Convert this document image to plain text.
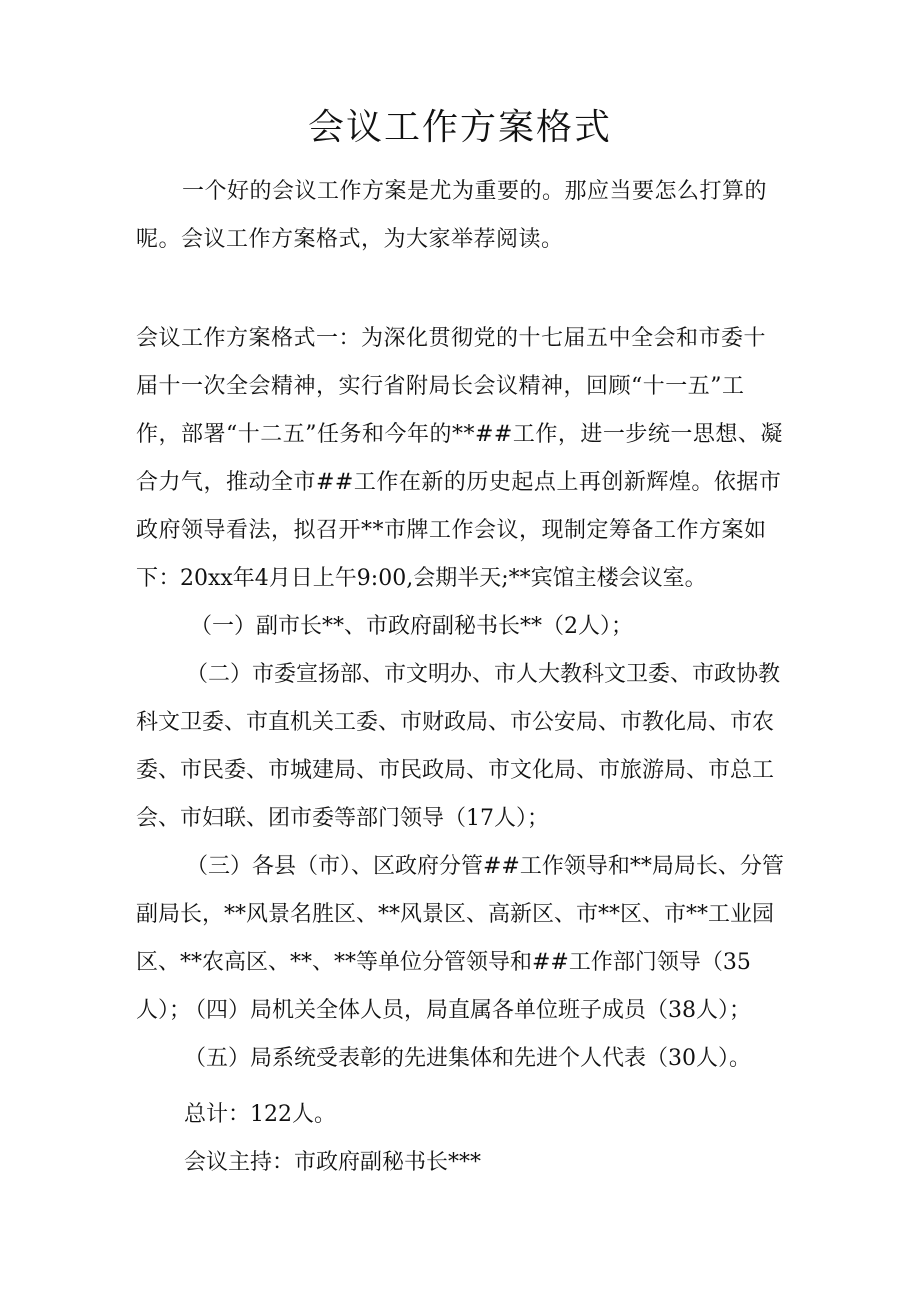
会议工作方案格式

一个好的会议工作方案是尤为重要的。那应当要怎么打算的呢。会议工作方案格式，为大家举荐阅读。

会议工作方案格式一：为深化贯彻党的十七届五中全会和市委十届十一次全会精神，实行省附局长会议精神，回顾“十一五”工作，部署“十二五”任务和今年的**##工作，进一步统一思想、凝合力气，推动全市##工作在新的历史起点上再创新辉煌。依据市政府领导看法，拟召开**市牌工作会议，现制定筹备工作方案如下：

20xx年4月日上午9:00,会期半天;**宾馆主楼会议室。

（一）副市长**、市政府副秘书长**（2人）；

（二）市委宣扬部、市文明办、市人大教科文卫委、市政协教科文卫委、市直机关工委、市财政局、市公安局、市教化局、市农委、市民委、市城建局、市民政局、市文化局、市旅游局、市总工会、市妇联、团市委等部门领导（17人）；

（三）各县（市）、区政府分管##工作领导和**局局长、分管副局长，**风景名胜区、**风景区、高新区、市**区、市**工业园区、**农高区、**、**等单位分管领导和##工作部门领导（35人）；

（四）局机关全体人员，局直属各单位班子成员（38人）；

（五）局系统受表彰的先进集体和先进个人代表（30人）。

总计：122人。

会议主持：市政府副秘书长***
